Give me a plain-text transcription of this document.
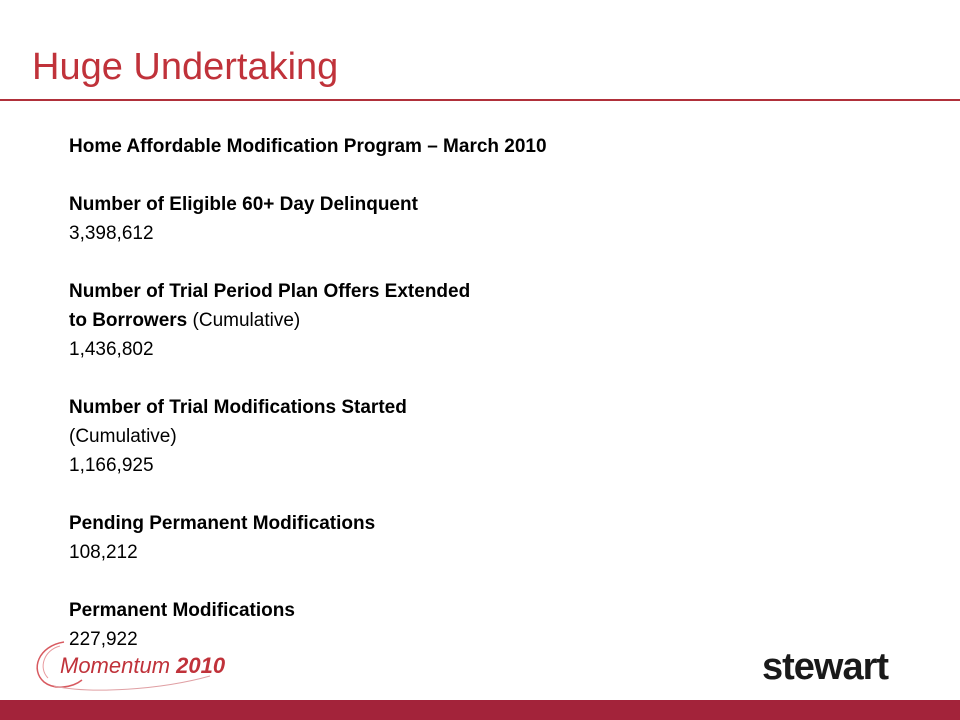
Huge Undertaking
Home Affordable Modification Program – March 2010
Number of Eligible 60+ Day Delinquent
3,398,612
Number of Trial Period Plan Offers Extended
to Borrowers (Cumulative)
1,436,802
Number of Trial Modifications Started
(Cumulative)
1,166,925
Pending Permanent Modifications
108,212
Permanent Modifications
227,922
Momentum 2010	stewart
